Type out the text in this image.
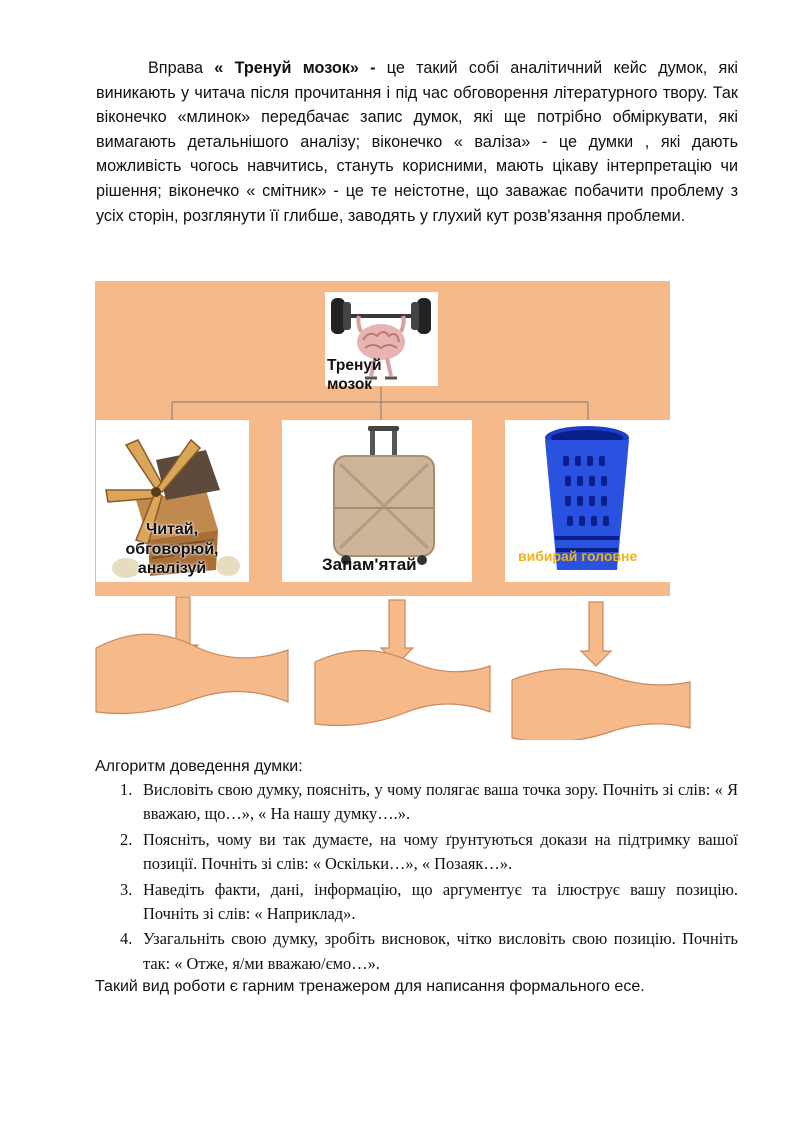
Вправа « Тренуй мозок» - це такий собі аналітичний кейс думок, які виникають у читача після прочитання і під час обговорення літературного твору. Так віконечко «млинок» передбачає запис думок, які ще потрібно обміркувати, які вимагають детальнішого аналізу; віконечко « валіза» - це думки , які дають можливість чогось навчитись, стануть корисними, мають цікаву інтерпретацію чи рішення; віконечко « смітник» - це те неістотне, що заважає побачити проблему з усіх сторін, розглянути її глибше, заводять у глухий кут розв'язання проблеми.

Тренуй
мозок
Читай, обговорюй, аналізуй	Запам'ятай	вибирай головне
Алгоритм доведення думки:
1. Висловіть свою думку, поясніть, у чому полягає ваша точка зору. Почніть зі слів: « Я вважаю, що…», « На нашу думку….».
2. Поясніть, чому ви так думаєте, на чому ґрунтуються докази на підтримку вашої позиції. Почніть зі слів: « Оскільки…», « Позаяк…».
3. Наведіть факти, дані, інформацію, що аргументує та ілюструє вашу позицію. Почніть зі слів: « Наприклад».
4. Узагальніть свою думку, зробіть висновок, чітко висловіть свою позицію. Почніть так: « Отже, я/ми вважаю/ємо…».
Такий вид роботи є гарним тренажером для написання формального есе.
